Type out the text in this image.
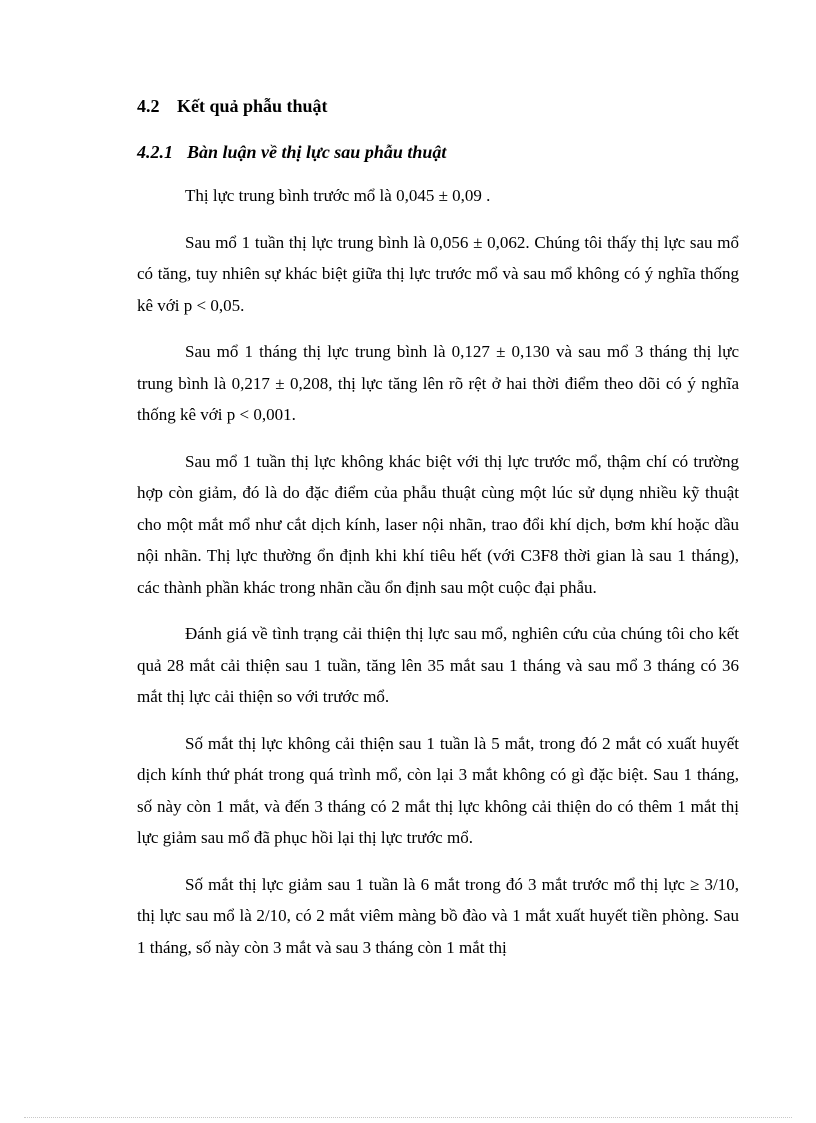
4.2 Kết quả phẫu thuật
4.2.1 Bàn luận về thị lực sau phẫu thuật

Thị lực trung bình trước mổ là 0,045 ± 0,09 .

Sau mổ 1 tuần thị lực trung bình là 0,056 ± 0,062. Chúng tôi thấy thị lực sau mổ có tăng, tuy nhiên sự khác biệt giữa thị lực trước mổ và sau mổ không có ý nghĩa thống kê với p < 0,05.

Sau mổ 1 tháng thị lực trung bình là 0,127 ± 0,130 và sau mổ 3 tháng thị lực trung bình là 0,217 ± 0,208, thị lực tăng lên rõ rệt ở hai thời điểm theo dõi có ý nghĩa thống kê với p < 0,001.

Sau mổ 1 tuần thị lực không khác biệt với thị lực trước mổ, thậm chí có trường hợp còn giảm, đó là do đặc điểm của phẫu thuật cùng một lúc sử dụng nhiều kỹ thuật cho một mắt mổ như cắt dịch kính, laser nội nhãn, trao đổi khí dịch, bơm khí hoặc dầu nội nhãn. Thị lực thường ổn định khi khí tiêu hết (với C3F8 thời gian là sau 1 tháng), các thành phần khác trong nhãn cầu ổn định sau một cuộc đại phẫu.

Đánh giá về tình trạng cải thiện thị lực sau mổ, nghiên cứu của chúng tôi cho kết quả 28 mắt cải thiện sau 1 tuần, tăng lên 35 mắt sau 1 tháng và sau mổ 3 tháng có 36 mắt thị lực cải thiện so với trước mổ.

Số mắt thị lực không cải thiện sau 1 tuần là 5 mắt, trong đó 2 mắt có xuất huyết dịch kính thứ phát trong quá trình mổ, còn lại 3 mắt không có gì đặc biệt. Sau 1 tháng, số này còn 1 mắt, và đến 3 tháng có 2 mắt thị lực không cải thiện do có thêm 1 mắt thị lực giảm sau mổ đã phục hồi lại thị lực trước mổ.

Số mắt thị lực giảm sau 1 tuần là 6 mắt trong đó 3 mắt trước mổ thị lực ≥ 3/10, thị lực sau mổ là 2/10, có 2 mắt viêm màng bồ đào và 1 mắt xuất huyết tiền phòng. Sau 1 tháng, số này còn 3 mắt và sau 3 tháng còn 1 mắt thị
